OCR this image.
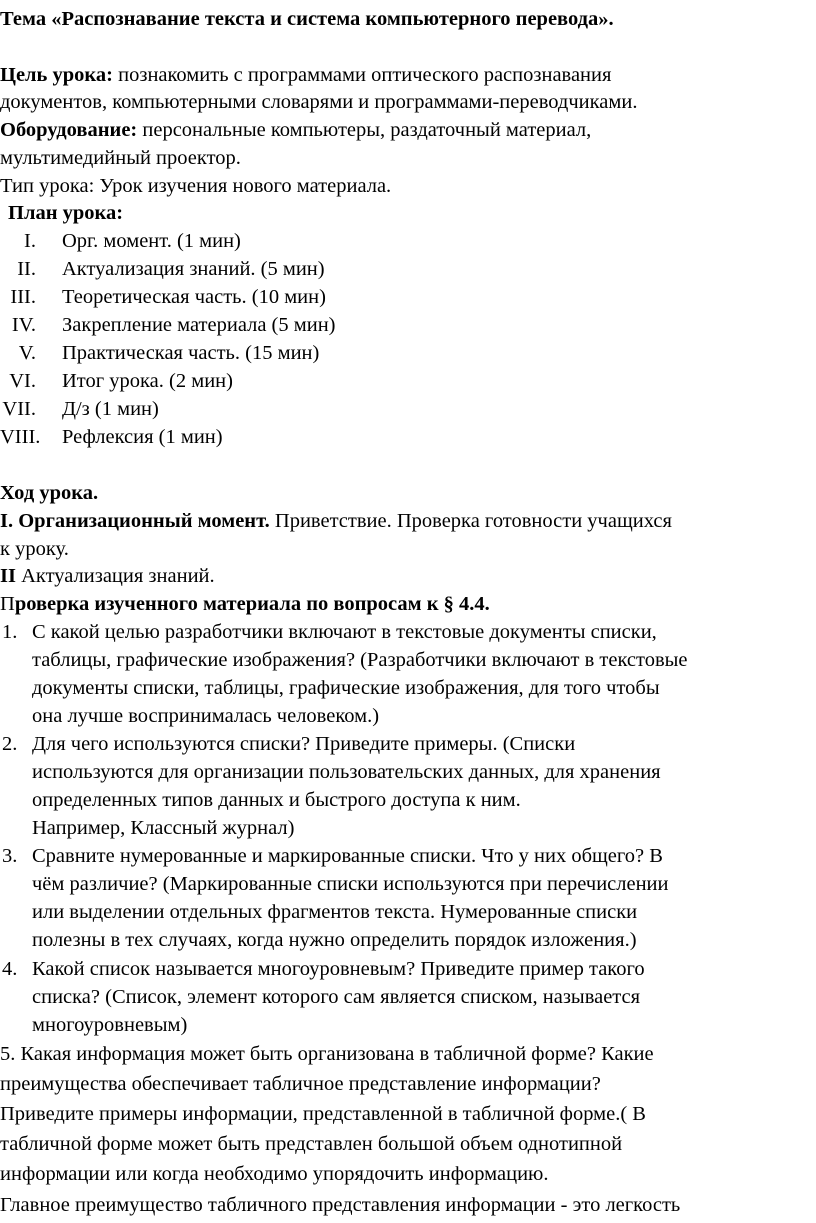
Тема «Распознавание текста и система компьютерного перевода».
Цель урока: познакомить с программами оптического распознавания
документов, компьютерными словарями и программами-переводчиками.
Оборудование: персональные компьютеры, раздаточный материал,
мультимедийный проектор.
Тип урока: Урок изучения нового материала.
План урока:
I. Орг. момент. (1 мин)
II. Актуализация знаний. (5 мин)
III. Теоретическая часть. (10 мин)
IV. Закрепление материала (5 мин)
V. Практическая часть. (15 мин)
VI. Итог урока. (2 мин)
VII. Д/з (1 мин)
VIII. Рефлексия (1 мин)
Ход урока.
I. Организационный момент. Приветствие. Проверка готовности учащихся
к уроку.
II Актуализация знаний.
Проверка изученного материала по вопросам к § 4.4.
1. С какой целью разработчики включают в текстовые документы списки,
таблицы, графические изображения? (Разработчики включают в текстовые
документы списки, таблицы, графические изображения, для того чтобы
она лучше воспринималась человеком.)
2. Для чего используются списки? Приведите примеры. (Списки
используются для организации пользовательских данных, для хранения
определенных типов данных и быстрого доступа к ним.
Например, Классный журнал)
3. Сравните нумерованные и маркированные списки. Что у них общего? В
чём различие? (Маркированные списки используются при перечислении
или выделении отдельных фрагментов текста. Нумерованные списки
полезны в тех случаях, когда нужно определить порядок изложения.)
4. Какой список называется многоуровневым? Приведите пример такого
списка? (Список, элемент которого сам является списком, называется
многоуровневым)
5. Какая информация может быть организована в табличной форме? Какие
преимущества обеспечивает табличное представление информации?
Приведите примеры информации, представленной в табличной форме.( В
табличной форме может быть представлен большой объем однотипной
информации или когда необходимо упорядочить информацию.
Главное преимущество табличного представления информации - это легкость
